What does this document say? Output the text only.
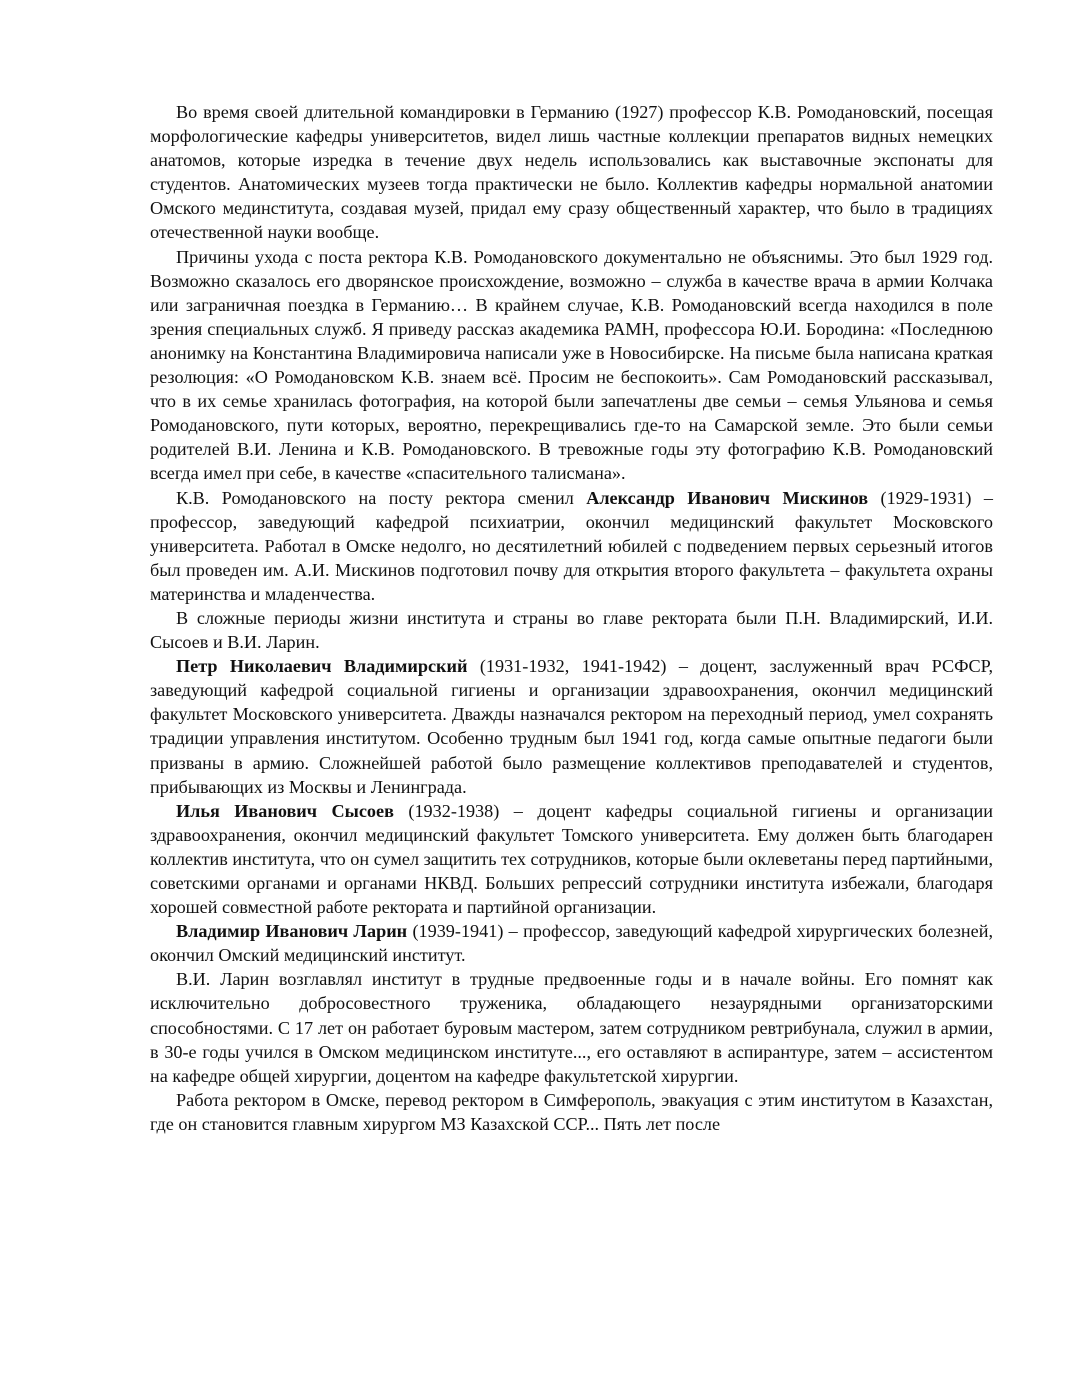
Во время своей длительной командировки в Германию (1927) профессор К.В. Ромодановский, посещая морфологические кафедры университетов, видел лишь частные коллекции препаратов видных немецких анатомов, которые изредка в течение двух недель использовались как выставочные экспонаты для студентов. Анатомических музеев тогда практически не было. Коллектив кафедры нормальной анатомии Омского мединститута, создавая музей, придал ему сразу общественный характер, что было в традициях отечественной науки вообще.

Причины ухода с поста ректора К.В. Ромодановского документально не объяснимы. Это был 1929 год. Возможно сказалось его дворянское происхождение, возможно – служба в качестве врача в армии Колчака или заграничная поездка в Германию… В крайнем случае, К.В. Ромодановский всегда находился в поле зрения специальных служб. Я приведу рассказ академика РАМН, профессора Ю.И. Бородина: «Последнюю анонимку на Константина Владимировича написали уже в Новосибирске. На письме была написана краткая резолюция: «О Ромодановском К.В. знаем всё. Просим не беспокоить». Сам Ромодановский рассказывал, что в их семье хранилась фотография, на которой были запечатлены две семьи – семья Ульянова и семья Ромодановского, пути которых, вероятно, перекрещивались где-то на Самарской земле. Это были семьи родителей В.И. Ленина и К.В. Ромодановского. В тревожные годы эту фотографию К.В. Ромодановский всегда имел при себе, в качестве «спасительного талисмана».

К.В. Ромодановского на посту ректора сменил Александр Иванович Мискинов (1929-1931) – профессор, заведующий кафедрой психиатрии, окончил медицинский факультет Московского университета. Работал в Омске недолго, но десятилетний юбилей с подведением первых серьезный итогов был проведен им. А.И. Мискинов подготовил почву для открытия второго факультета – факультета охраны материнства и младенчества.

В сложные периоды жизни института и страны во главе ректората были П.Н. Владимирский, И.И. Сысоев и В.И. Ларин.

Петр Николаевич Владимирский (1931-1932, 1941-1942) – доцент, заслуженный врач РСФСР, заведующий кафедрой социальной гигиены и организации здравоохранения, окончил медицинский факультет Московского университета. Дважды назначался ректором на переходный период, умел сохранять традиции управления институтом. Особенно трудным был 1941 год, когда самые опытные педагоги были призваны в армию. Сложнейшей работой было размещение коллективов преподавателей и студентов, прибывающих из Москвы и Ленинграда.

Илья Иванович Сысоев (1932-1938) – доцент кафедры социальной гигиены и организации здравоохранения, окончил медицинский факультет Томского университета. Ему должен быть благодарен коллектив института, что он сумел защитить тех сотрудников, которые были оклеветаны перед партийными, советскими органами и органами НКВД. Больших репрессий сотрудники института избежали, благодаря хорошей совместной работе ректората и партийной организации.

Владимир Иванович Ларин (1939-1941) – профессор, заведующий кафедрой хирургических болезней, окончил Омский медицинский институт.

В.И. Ларин возглавлял институт в трудные предвоенные годы и в начале войны. Его помнят как исключительно добросовестного труженика, обладающего незаурядными организаторскими способностями. С 17 лет он работает буровым мастером, затем сотрудником ревтрибунала, служил в армии, в 30-е годы учился в Омском медицинском институте..., его оставляют в аспирантуре, затем – ассистентом на кафедре общей хирургии, доцентом на кафедре факультетской хирургии.

Работа ректором в Омске, перевод ректором в Симферополь, эвакуация с этим институтом в Казахстан, где он становится главным хирургом МЗ Казахской ССР... Пять лет после
